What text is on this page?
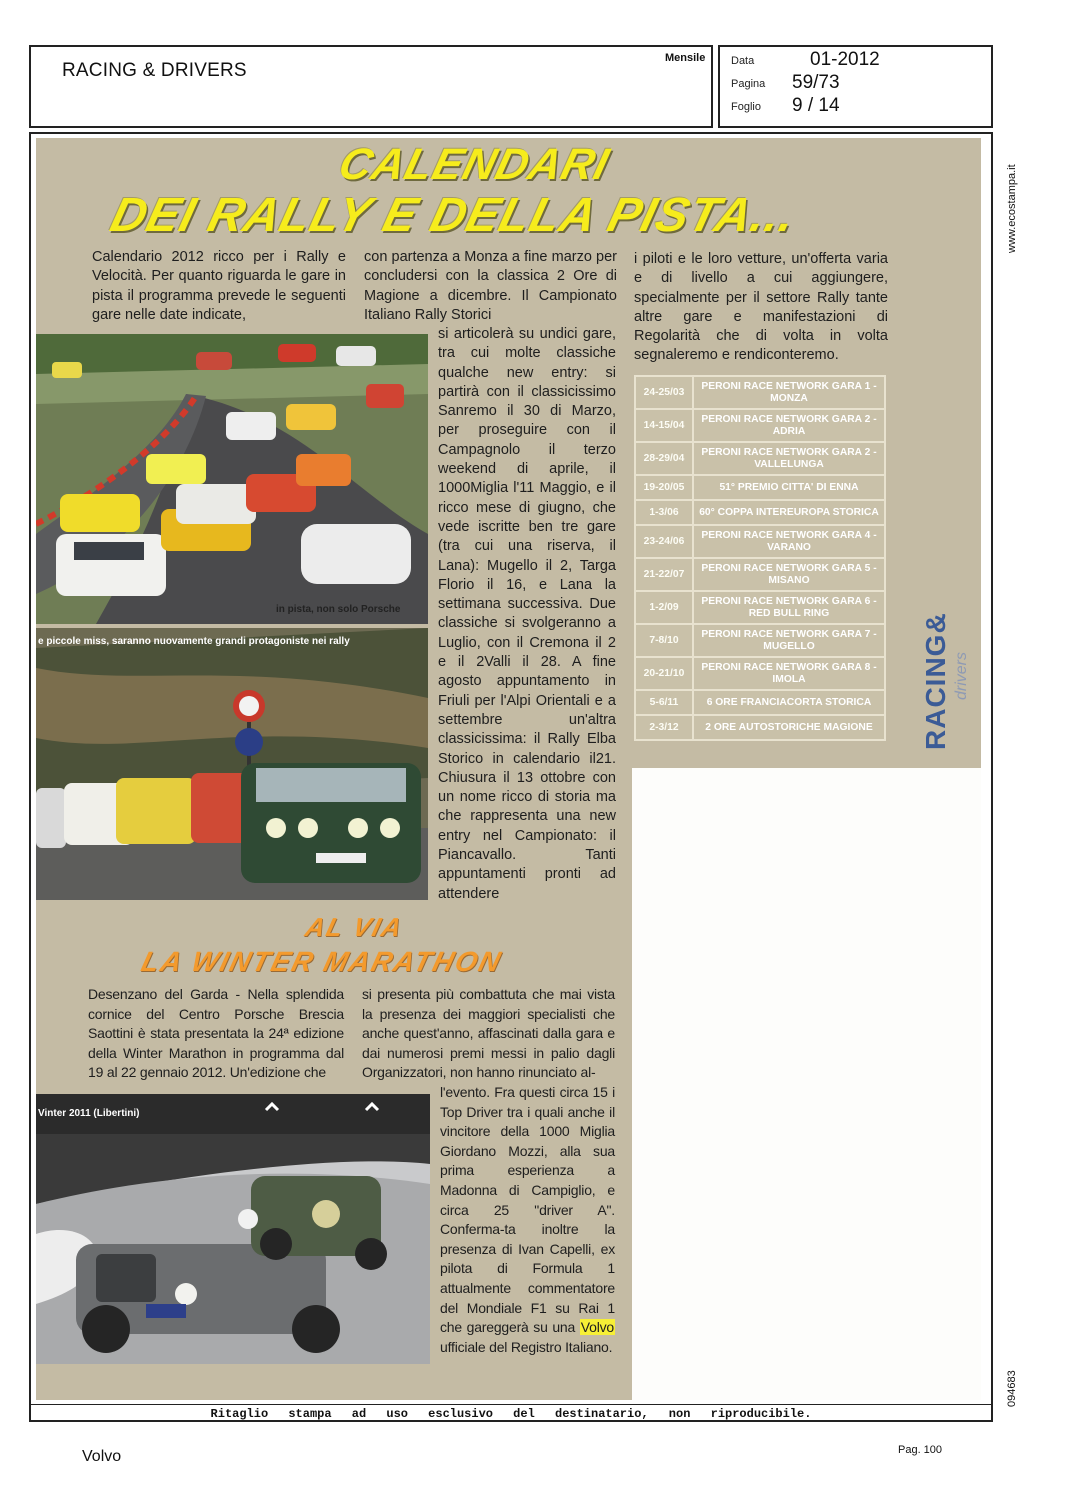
RACING & DRIVERS
Mensile Data	01-2012
Pagina 59/73
Foglio 9 / 14
www.ecostampa.it
094683
CALENDARI
DEI RALLY E DELLA PISTA...
Calendario 2012 ricco per i Rally e Velocità. Per quanto riguarda le gare in pista il programma prevede le seguenti gare nelle date indicate,
con partenza a Monza a fine marzo per concludersi con la classica 2 Ore di Magione a dicembre. Il Campionato Italiano Rally Storici
si articolerà su undici gare, tra cui molte classiche qualche new entry: si partirà con il classicissimo Sanremo il 30 di Marzo, per proseguire con il Campagnolo il terzo weekend di aprile, il 1000Miglia l'11 Maggio, e il ricco mese di giugno, che vede iscritte ben tre gare (tra cui una riserva, il Lana): Mugello il 2, Targa Florio il 16, e Lana la settimana successiva. Due classiche si svolgeranno a Luglio, con il Cremona il 2 e il 2Valli il 28. A fine agosto appuntamento in Friuli per l'Alpi Orientali e a settembre un'altra classicissima: il Rally Elba Storico in calendario il21. Chiusura il 13 ottobre con un nome ricco di storia ma che rappresenta una new entry nel Campionato: il Piancavallo. Tanti appuntamenti pronti ad attendere
i piloti e le loro vetture, un'offerta varia e di livello a cui aggiungere, specialmente per il settore Rally tante altre gare e manifestazioni di Regolarità che di volta in volta segnaleremo e rendiconteremo.
in pista, non solo Porsche
e piccole miss, saranno nuovamente grandi protagoniste nei rally
24-25/03	PERONI RACE NETWORK GARA 1 - MONZA
14-15/04	PERONI RACE NETWORK GARA 2 - ADRIA
28-29/04	PERONI RACE NETWORK GARA 2 - VALLELUNGA
19-20/05	51° PREMIO CITTA' DI ENNA
1-3/06	60° COPPA INTEREUROPA STORICA
23-24/06	PERONI RACE NETWORK GARA 4 - VARANO
21-22/07	PERONI RACE NETWORK GARA 5 - MISANO
1-2/09	PERONI RACE NETWORK GARA 6 - RED BULL RING
7-8/10	PERONI RACE NETWORK GARA 7 - MUGELLO
20-21/10	PERONI RACE NETWORK GARA 8 - IMOLA
5-6/11	6 ORE FRANCIACORTA STORICA
2-3/12	2 ORE AUTOSTORICHE MAGIONE RACING& drivers
AL VIA
LA WINTER MARATHON
Desenzano del Garda - Nella splendida cornice del Centro Porsche Brescia Saottini è stata presentata la 24ª edizione della Winter Marathon in programma dal 19 al 22 gennaio 2012. Un'edizione che
si presenta più combattuta che mai vista la presenza dei maggiori specialisti che anche quest'anno, affascinati dalla gara e dai numerosi premi messi in palio dagli Organizzatori, non hanno rinunciato al-
l'evento. Fra questi circa 15 i Top Driver tra i quali anche il vincitore della 1000 Miglia Giordano Mozzi, alla sua prima esperienza a Madonna di Campiglio, e circa 25 "driver A". Conferma-ta inoltre la presenza di Ivan Capelli, ex pilota di Formula 1 attualmente commentatore del Mondiale F1 su Rai 1 che gareggerà su una Volvo ufficiale del Registro Italiano.
Vinter 2011 (Libertini)
Ritaglio stampa ad uso esclusivo del destinatario, non riproducibile.
Volvo	Pag. 100
